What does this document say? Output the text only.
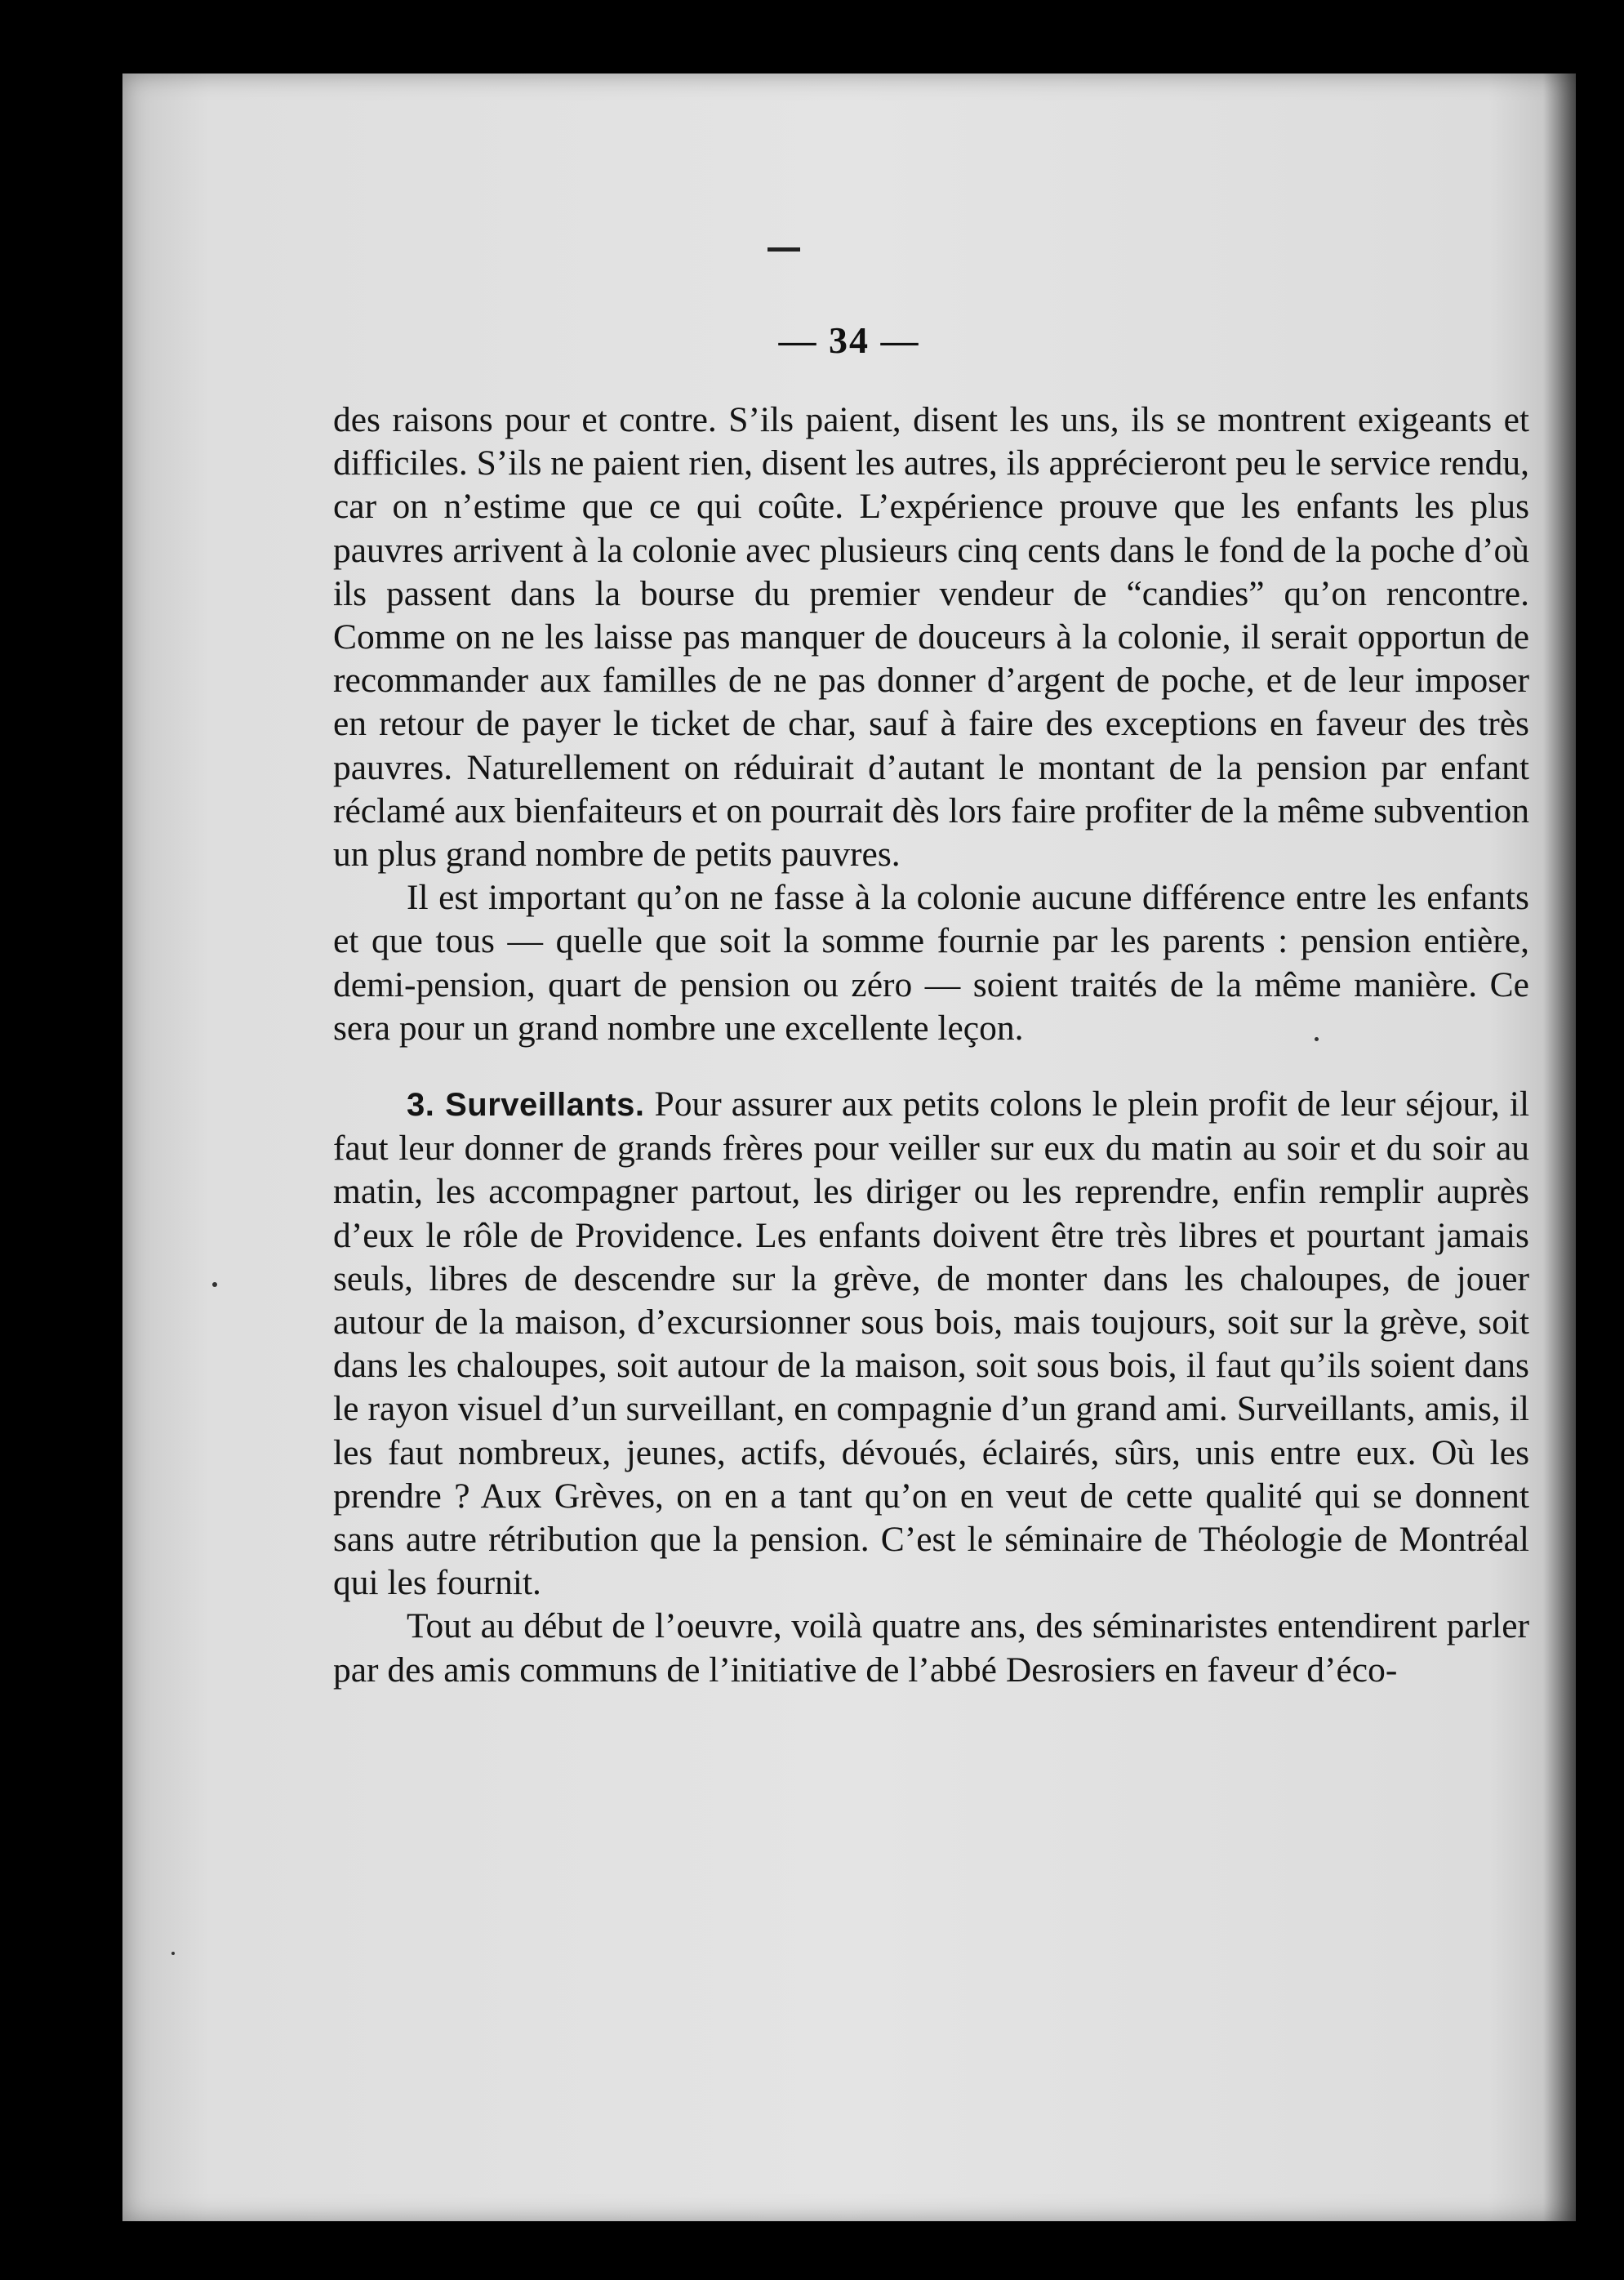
— 34 —

des raisons pour et contre. S’ils paient, disent les uns, ils se montrent exigeants et difficiles. S’ils ne paient rien, disent les autres, ils apprécieront peu le service rendu, car on n’estime que ce qui coûte. L’expérience prouve que les enfants les plus pauvres arrivent à la colonie avec plusieurs cinq cents dans le fond de la poche d’où ils passent dans la bourse du premier vendeur de “candies” qu’on rencontre. Comme on ne les laisse pas manquer de douceurs à la colonie, il serait opportun de recommander aux familles de ne pas donner d’argent de poche, et de leur imposer en retour de payer le ticket de char, sauf à faire des exceptions en faveur des très pauvres. Naturellement on réduirait d’autant le montant de la pension par enfant réclamé aux bienfaiteurs et on pourrait dès lors faire profiter de la même subvention un plus grand nombre de petits pauvres.

Il est important qu’on ne fasse à la colonie aucune différence entre les enfants et que tous — quelle que soit la somme fournie par les parents : pension entière, demi-pension, quart de pension ou zéro — soient traités de la même manière. Ce sera pour un grand nombre une excellente leçon.

3. Surveillants. Pour assurer aux petits colons le plein profit de leur séjour, il faut leur donner de grands frères pour veiller sur eux du matin au soir et du soir au matin, les accompagner partout, les diriger ou les reprendre, enfin remplir auprès d’eux le rôle de Providence. Les enfants doivent être très libres et pourtant jamais seuls, libres de descendre sur la grève, de monter dans les chaloupes, de jouer autour de la maison, d’excursionner sous bois, mais toujours, soit sur la grève, soit dans les chaloupes, soit autour de la maison, soit sous bois, il faut qu’ils soient dans le rayon visuel d’un surveillant, en compagnie d’un grand ami. Surveillants, amis, il les faut nombreux, jeunes, actifs, dévoués, éclairés, sûrs, unis entre eux. Où les prendre ? Aux Grèves, on en a tant qu’on en veut de cette qualité qui se donnent sans autre rétribution que la pension. C’est le séminaire de Théologie de Montréal qui les fournit.

Tout au début de l’oeuvre, voilà quatre ans, des séminaristes entendirent parler par des amis communs de l’initiative de l’abbé Desrosiers en faveur d’éco-
